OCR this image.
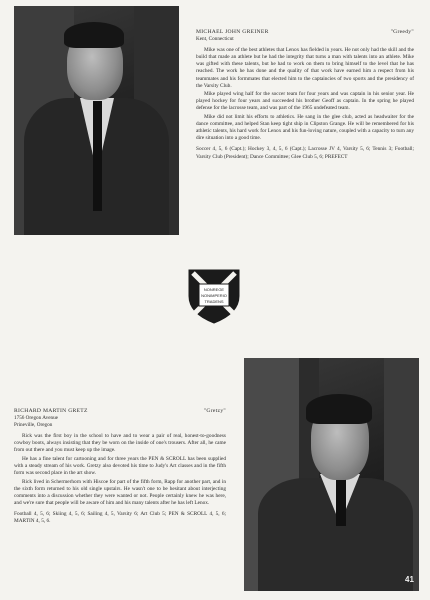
MICHAEL JOHN GREINER	"Greedy"
Kent, Connecticut

Mike was one of the best athletes that Lenox has fielded in years. He not only had the skill and the build that made an athlete but he had the integrity that turns a man with talents into an athlete. Mike was gifted with these talents, but he had to work on them to bring himself to the level that he has reached. The work he has done and the quality of that work have earned him a respect from his teammates and his formmates that elected him to the captaincies of two sports and the presidency of the Varsity Club.

Mike played wing half for the soccer team for four years and was captain in his senior year. He played hockey for four years and succeeded his brother Geoff as captain. In the spring he played defense for the lacrosse team, and was part of the 1965 undefeated team.

Mike did not limit his efforts to athletics. He sang in the glee club, acted as headwaiter for the dance committee, and helped Stan keep tight ship in Clipston Grange. He will be remembered for his athletic talents, his hard work for Lenox and his fun-loving nature, coupled with a capacity to turn any dire situation into a good time.

Soccer 4, 5, 6 (Capt.); Hockey 3, 4, 5, 6 (Capt.); Lacrosse JV 4, Varsity 5, 6; Tennis 3; Football; Varsity Club (President); Dance Committee; Glee Club 5, 6; PREFECT

NONREGE
NONIMPERIO
TRADENS
RICHARD MARTIN GRETZ	"Gretzy"
1756 Oregon Avenue
Prineville, Oregon

Rick was the first boy in the school to have and to wear a pair of real, honest-to-goodness cowboy boots, always insisting that they be worn on the inside of one's trousers. After all, he came from out there and you must keep up the image.

He has a fine talent for cartooning and for three years the PEN & SCROLL has been supplied with a steady stream of his work. Gretzy also devoted his time to Judy's Art classes and in the fifth form was second place in the art show.

Rick lived in Schermerhorn with Hiscoe for part of the fifth form, Rapp for another part, and in the sixth form returned to his old single upstairs. He wasn't one to be hesitant about interjecting comments into a discussion whether they were wanted or not. People certainly knew he was here, and we're sure that people will be aware of him and his many talents after he has left Lenox.

Football 4, 5, 6; Skiing 4, 5, 6; Sailing 4, 5, Varsity 6; Art Club 5; PEN & SCROLL 4, 5, 6; MARTIN 4, 5, 6.

41
